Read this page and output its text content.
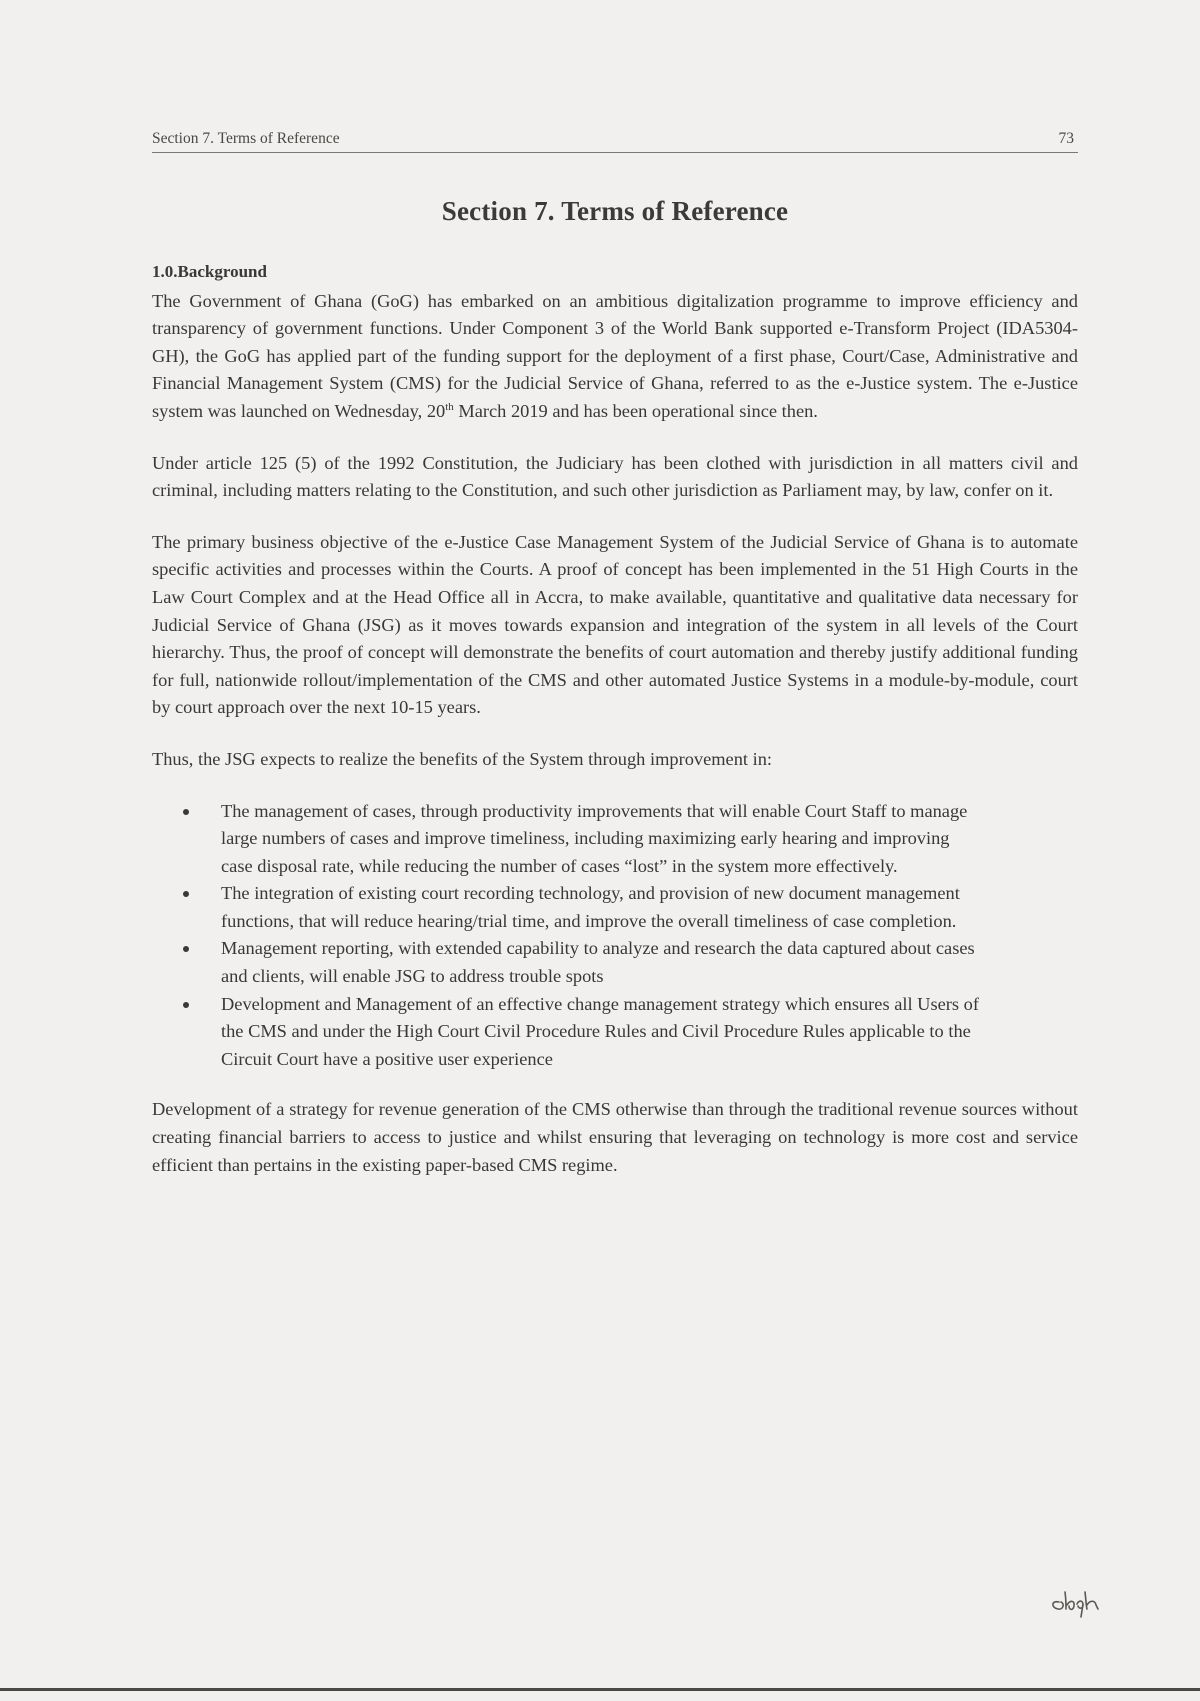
Section 7. Terms of Reference	73
Section 7. Terms of Reference
1.0.Background

The Government of Ghana (GoG) has embarked on an ambitious digitalization programme to improve efficiency and transparency of government functions. Under Component 3 of the World Bank supported e-Transform Project (IDA5304-GH), the GoG has applied part of the funding support for the deployment of a first phase, Court/Case, Administrative and Financial Management System (CMS) for the Judicial Service of Ghana, referred to as the e-Justice system. The e-Justice system was launched on Wednesday, 20th March 2019 and has been operational since then.

Under article 125 (5) of the 1992 Constitution, the Judiciary has been clothed with jurisdiction in all matters civil and criminal, including matters relating to the Constitution, and such other jurisdiction as Parliament may, by law, confer on it.

The primary business objective of the e-Justice Case Management System of the Judicial Service of Ghana is to automate specific activities and processes within the Courts. A proof of concept has been implemented in the 51 High Courts in the Law Court Complex and at the Head Office all in Accra, to make available, quantitative and qualitative data necessary for Judicial Service of Ghana (JSG) as it moves towards expansion and integration of the system in all levels of the Court hierarchy. Thus, the proof of concept will demonstrate the benefits of court automation and thereby justify additional funding for full, nationwide rollout/implementation of the CMS and other automated Justice Systems in a module-by-module, court by court approach over the next 10-15 years.

Thus, the JSG expects to realize the benefits of the System through improvement in:

The management of cases, through productivity improvements that will enable Court Staff to manage large numbers of cases and improve timeliness, including maximizing early hearing and improving case disposal rate, while reducing the number of cases “lost” in the system more effectively.
The integration of existing court recording technology, and provision of new document management functions, that will reduce hearing/trial time, and improve the overall timeliness of case completion.
Management reporting, with extended capability to analyze and research the data captured about cases and clients, will enable JSG to address trouble spots
Development and Management of an effective change management strategy which ensures all Users of the CMS and under the High Court Civil Procedure Rules and Civil Procedure Rules applicable to the Circuit Court have a positive user experience

Development of a strategy for revenue generation of the CMS otherwise than through the traditional revenue sources without creating financial barriers to access to justice and whilst ensuring that leveraging on technology is more cost and service efficient than pertains in the existing paper-based CMS regime.
